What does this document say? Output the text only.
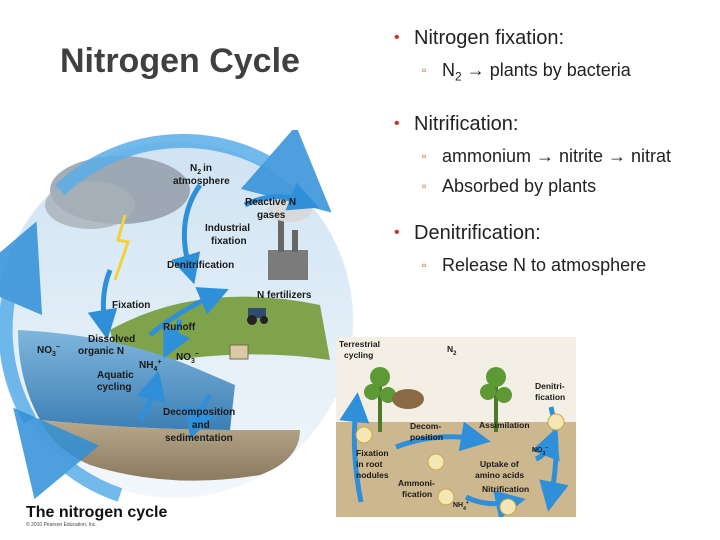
Nitrogen Cycle
• Nitrogen fixation:
▫ $N_2$ → plants by bacteria
• Nitrification:
▫ ammonium → nitrite → nitrat
▫ Absorbed by plants
• Denitrification:
▫ Release N to atmosphere
$N_2$ in
atmosphere
Reactive N
gases
Industrial
fixation
Denitrification
N fertilizers
Fixation
Runoff
Dissolved
organic N
$NO_3^-$
$NH_4^+$ $NO_3^-$
Aquatic
cycling
Decomposition
and
sedimentation
Terrestrial
cycling
$N_2$
Denitri-
fication
Decom-
position
Assimilation
$NO_3^-$
Fixation
in root
nodules
Uptake of
amino acids
Ammoni-
fication	Nitrification
$NH_4^+$
The nitrogen cycle
© 2010 Pearson Education, Inc.
